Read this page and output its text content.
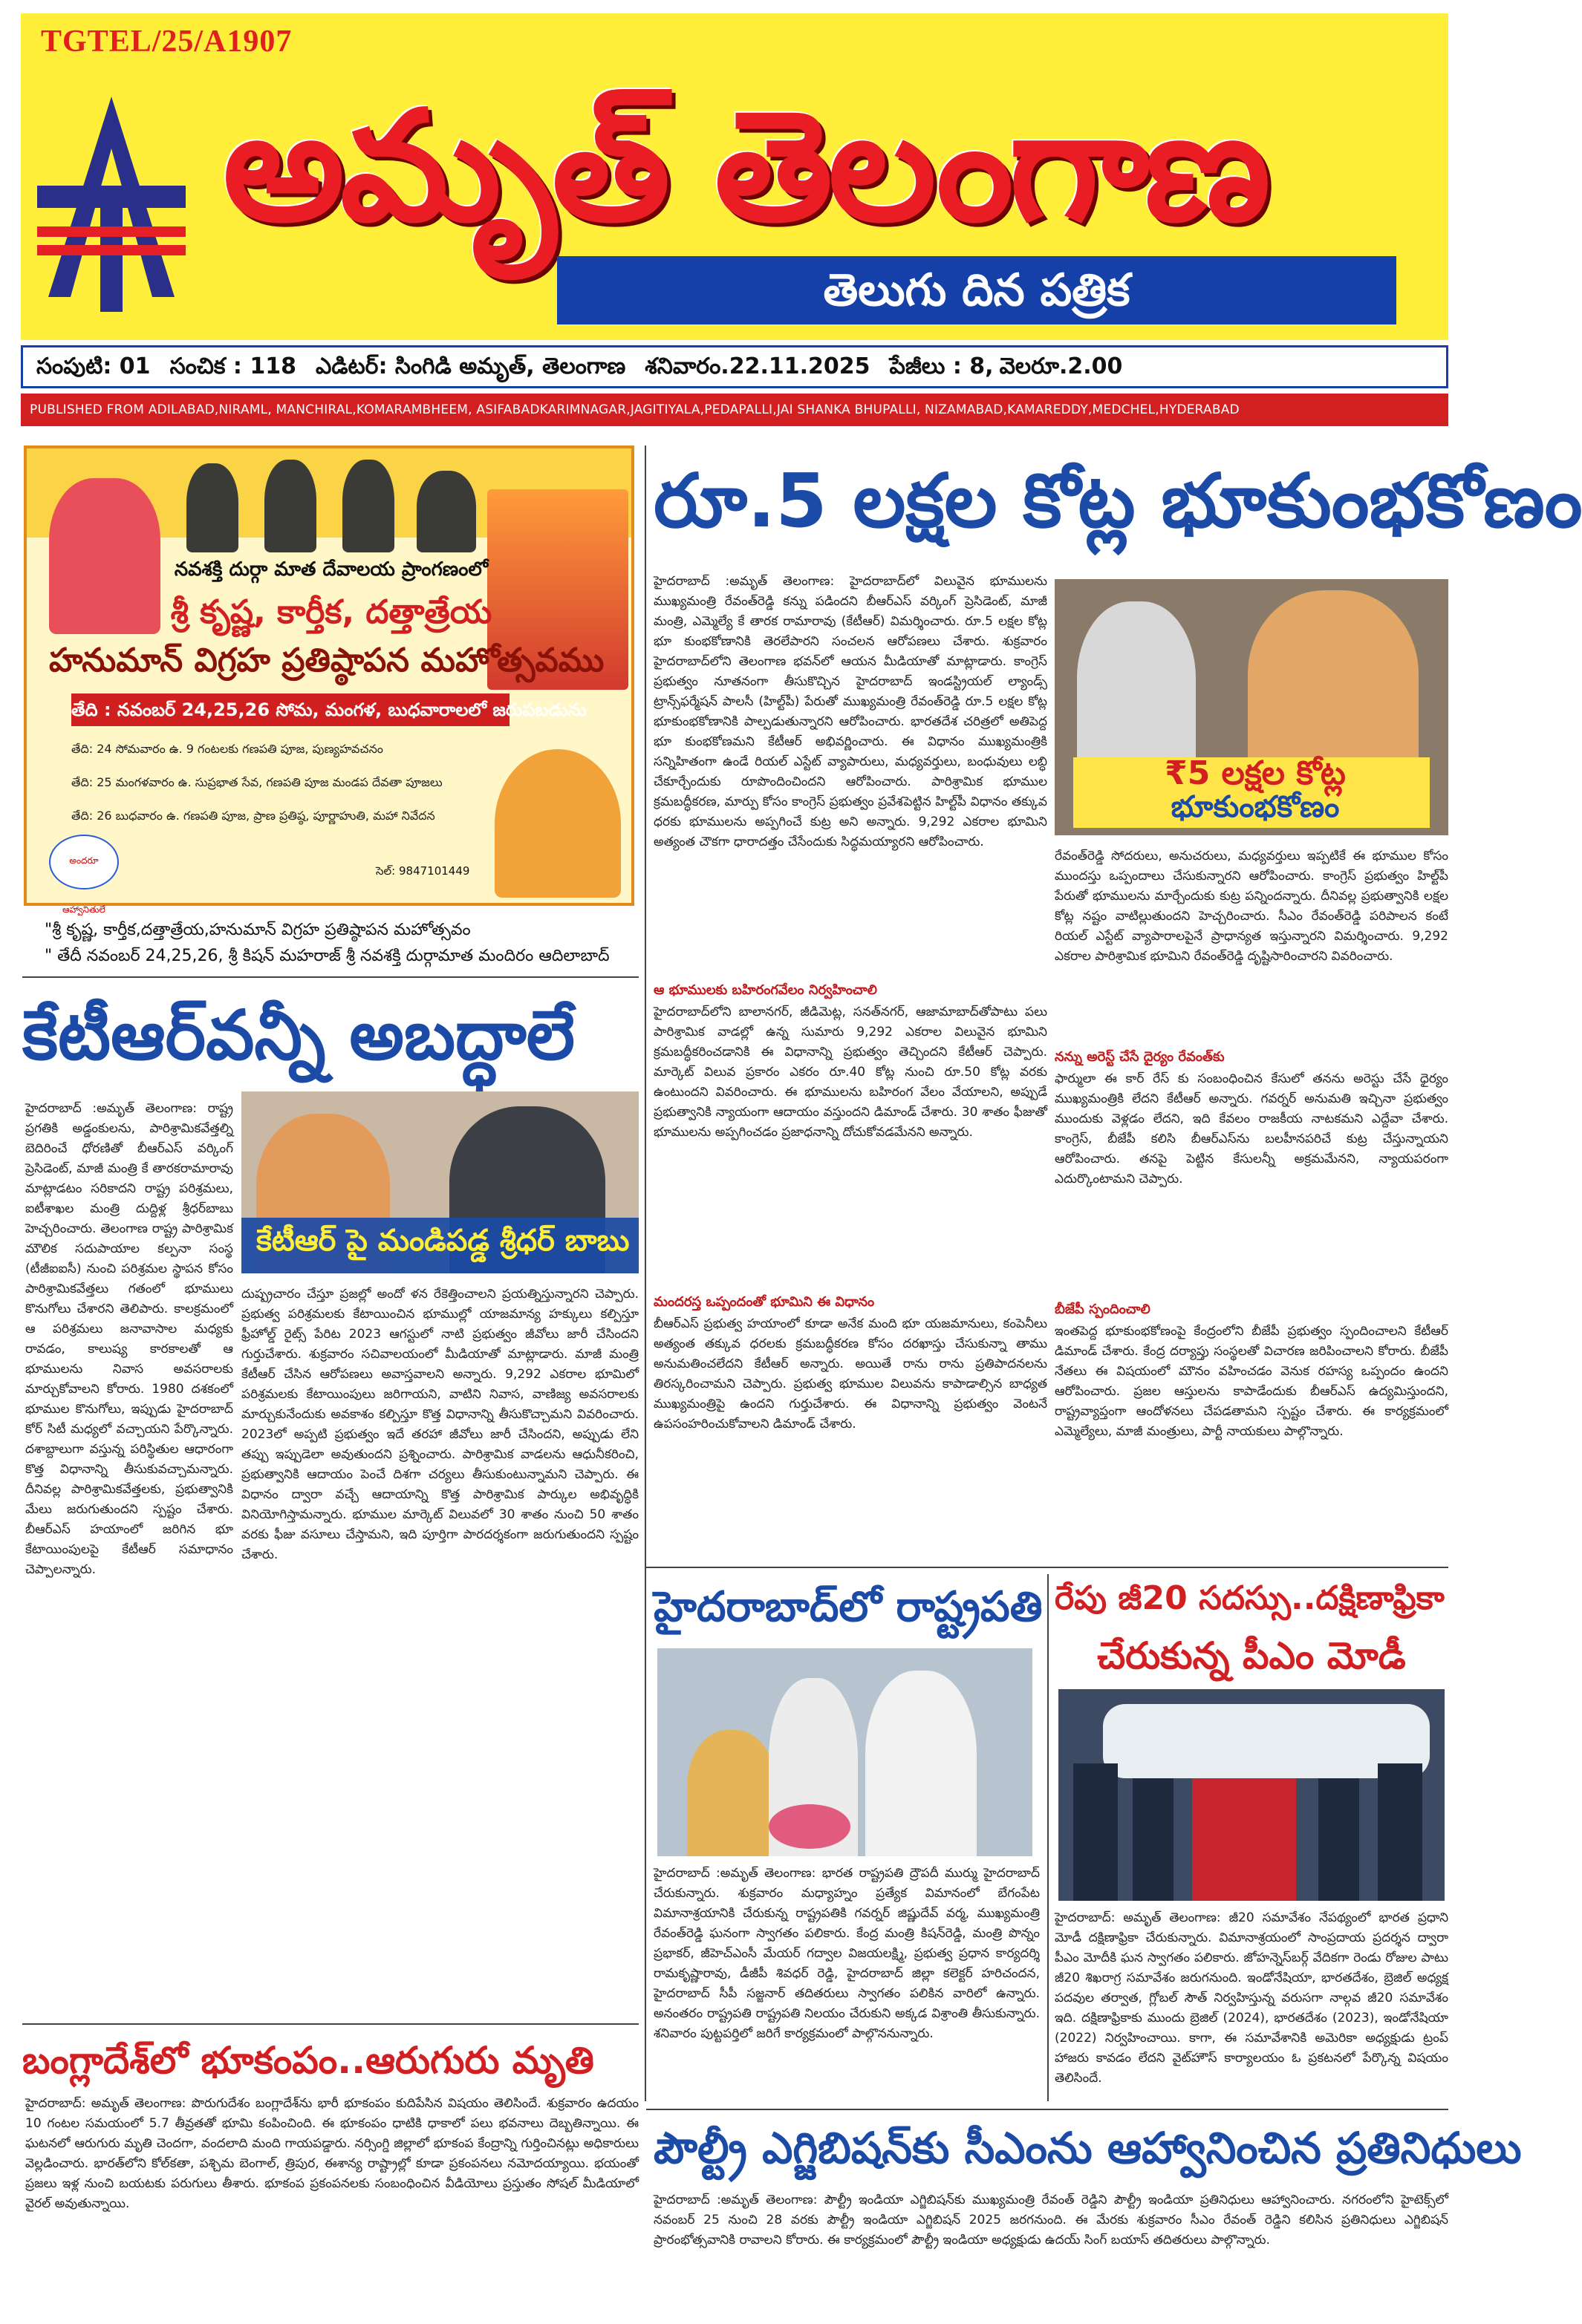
TGTEL/25/A1907
అమృత్ తెలంగాణ
తెలుగు దిన పత్రిక
సంపుటి: 01 సంచిక : 118 ఎడిటర్: సింగిడి అమృత్, తెలంగాణ శనివారం.22.11.2025 పేజీలు : 8, వెలరూ.2.00
PUBLISHED FROM ADILABAD,NIRAML, MANCHIRAL,KOMARAMBHEEM, ASIFABADKARIMNAGAR,JAGITIYALA,PEDAPALLI,JAI SHANKA BHUPALLI, NIZAMABAD,KAMAREDDY,MEDCHEL,HYDERABAD
నవశక్తి దుర్గా మాత దేవాలయ ప్రాంగణంలో
శ్రీ కృష్ణ, కార్తీక, దత్తాత్రేయ
హనుమాన్ విగ్రహ ప్రతిష్ఠాపన మహోత్సవము
తేది : నవంబర్ 24,25,26 సోమ, మంగళ, బుధవారాలలో జరుపబడును
తేది: 24 సోమవారం ఉ. 9 గంటలకు గణపతి పూజ, పుణ్యహవచనం
తేది: 25 మంగళవారం ఉ. సుప్రభాత సేవ, గణపతి పూజ మండప దేవతా పూజలు
తేది: 26 బుధవారం ఉ. గణపతి పూజ, ప్రాణ ప్రతిష్ఠ, పూర్ణాహుతి, మహా నివేదన
అందరూ ఆహ్వానితులే
సెల్: 9847101449
"శ్రీ కృష్ణ, కార్తీక,దత్తాత్రేయ,హనుమాన్ విగ్రహ ప్రతిష్ఠాపన మహోత్సవం
" తేదీ నవంబర్ 24,25,26, శ్రీ కిషన్ మహరాజ్ శ్రీ నవశక్తి దుర్గామాత మందిరం ఆదిలాబాద్
కేటీఆర్‌వన్నీ అబద్ధాలే
హైదరాబాద్ :అమృత్ తెలంగాణ: రాష్ట్ర ప్రగతికి అడ్డంకులను, పారిశ్రామికవేత్తల్ని బెదిరించే ధోరణితో బీఆర్ఎస్ వర్కింగ్ ప్రెసిడెంట్, మాజీ మంత్రి కే తారకరామారావు మాట్లాడటం సరికాదని రాష్ట్ర పరిశ్రమలు, ఐటీశాఖల మంత్రి దుద్దిళ్ల శ్రీధర్‌బాబు హెచ్చరించారు. తెలంగాణ రాష్ట్ర పారిశ్రామిక మౌలిక సదుపాయాల కల్పనా సంస్థ (టీజీఐఐసీ) నుంచి పరిశ్రమల స్థాపన కోసం పారిశ్రామికవేత్తలు గతంలో భూములు కొనుగోలు చేశారని తెలిపారు. కాలక్రమంలో ఆ పరిశ్రమలు జనావాసాల మధ్యకు రావడం, కాలుష్య కారకాలతో ఆ భూములను నివాస అవసరాలకు మార్చుకోవాలని కోరారు. 1980 దశకంలో భూముల కొనుగోలు, ఇప్పుడు హైదరాబాద్ కోర్ సిటీ మధ్యలో వచ్చాయని పేర్కొన్నారు. దశాబ్దాలుగా వస్తున్న పరిస్థితుల ఆధారంగా కొత్త విధానాన్ని తీసుకువచ్చామన్నారు. దీనివల్ల పారిశ్రామికవేత్తలకు, ప్రభుత్వానికి మేలు జరుగుతుందని స్పష్టం చేశారు. బీఆర్ఎస్ హయాంలో జరిగిన భూ కేటాయింపులపై కేటీఆర్ సమాధానం చెప్పాలన్నారు.
కేటీఆర్ పై మండిపడ్డ శ్రీధర్ బాబు
దుష్ప్రచారం చేస్తూ ప్రజల్లో అందో ళన రేకెత్తించాలని ప్రయత్నిస్తున్నారని చెప్పారు. ప్రభుత్వ పరిశ్రమలకు కేటాయించిన భూముల్లో యాజమాన్య హక్కులు కల్పిస్తూ ఫ్రీహోల్డ్ రైట్స్ పేరిట 2023 ఆగస్టులో నాటి ప్రభుత్వం జీవోలు జారీ చేసిందని గుర్తుచేశారు. శుక్రవారం సచివాలయంలో మీడియాతో మాట్లాడారు. మాజీ మంత్రి కేటీఆర్ చేసిన ఆరోపణలు అవాస్తవాలని అన్నారు. 9,292 ఎకరాల భూమిలో పరిశ్రమలకు కేటాయింపులు జరిగాయని, వాటిని నివాస, వాణిజ్య అవసరాలకు మార్చుకునేందుకు అవకాశం కల్పిస్తూ కొత్త విధానాన్ని తీసుకొచ్చామని వివరించారు. 2023లో అప్పటి ప్రభుత్వం ఇదే తరహా జీవోలు జారీ చేసిందని, అప్పుడు లేని తప్పు ఇప్పుడెలా అవుతుందని ప్రశ్నించారు. పారిశ్రామిక వాడలను ఆధునీకరించి, ప్రభుత్వానికి ఆదాయం పెంచే దిశగా చర్యలు తీసుకుంటున్నామని చెప్పారు. ఈ విధానం ద్వారా వచ్చే ఆదాయాన్ని కొత్త పారిశ్రామిక పార్కుల అభివృద్ధికి వినియోగిస్తామన్నారు. భూముల మార్కెట్ విలువలో 30 శాతం నుంచి 50 శాతం వరకు ఫీజు వసూలు చేస్తామని, ఇది పూర్తిగా పారదర్శకంగా జరుగుతుందని స్పష్టం చేశారు.
బంగ్లాదేశ్‌లో భూకంపం..ఆరుగురు మృతి
హైదరాబాద్: అమృత్ తెలంగాణ: పొరుగుదేశం బంగ్లాదేశ్‌ను భారీ భూకంపం కుదిపేసిన విషయం తెలిసిందే. శుక్రవారం ఉదయం 10 గంటల సమయంలో 5.7 తీవ్రతతో భూమి కంపించింది. ఈ భూకంపం ధాటికి ధాకాలో పలు భవనాలు దెబ్బతిన్నాయి. ఈ ఘటనలో ఆరుగురు మృతి చెందగా, వందలాది మంది గాయపడ్డారు. నర్సింగ్డి జిల్లాలో భూకంప కేంద్రాన్ని గుర్తించినట్లు అధికారులు వెల్లడించారు. భారత్‌లోని కోల్‌కతా, పశ్చిమ బెంగాల్, త్రిపుర, ఈశాన్య రాష్ట్రాల్లో కూడా ప్రకంపనలు నమోదయ్యాయి. భయంతో ప్రజలు ఇళ్ల నుంచి బయటకు పరుగులు తీశారు. భూకంప ప్రకంపనలకు సంబంధించిన వీడియోలు ప్రస్తుతం సోషల్ మీడియాలో వైరల్ అవుతున్నాయి.
రూ.5 లక్షల కోట్ల భూకుంభకోణం
హైదరాబాద్ :అమృత్ తెలంగాణ: హైదరాబాద్‌లో విలువైన భూములను ముఖ్యమంత్రి రేవంత్‌రెడ్డి కన్ను పడిందని బీఆర్ఎస్ వర్కింగ్ ప్రెసిడెంట్, మాజీ మంత్రి, ఎమ్మెల్యే కే తారక రామారావు (కేటీఆర్) విమర్శించారు. రూ.5 లక్షల కోట్ల భూ కుంభకోణానికి తెరలేపారని సంచలన ఆరోపణలు చేశారు. శుక్రవారం హైదరాబాద్‌లోని తెలంగాణ భవన్‌లో ఆయన మీడియాతో మాట్లాడారు. కాంగ్రెస్ ప్రభుత్వం నూతనంగా తీసుకొచ్చిన హైదరాబాద్ ఇండస్ట్రియల్ ల్యాండ్స్ ట్రాన్స్‌ఫర్మేషన్ పాలసీ (హిల్ట్‌పీ) పేరుతో ముఖ్యమంత్రి రేవంత్‌రెడ్డి రూ.5 లక్షల కోట్ల భూకుంభకోణానికి పాల్పడుతున్నారని ఆరోపించారు. భారతదేశ చరిత్రలో అతిపెద్ద భూ కుంభకోణమని కేటీఆర్ అభివర్ణించారు. ఈ విధానం ముఖ్యమంత్రికి సన్నిహితంగా ఉండే రియల్ ఎస్టేట్ వ్యాపారులు, మధ్యవర్తులు, బంధువులు లబ్ధి చేకూర్చేందుకు రూపొందించిందని ఆరోపించారు. పారిశ్రామిక భూముల క్రమబద్ధీకరణ, మార్పు కోసం కాంగ్రెస్ ప్రభుత్వం ప్రవేశపెట్టిన హిల్ట్‌పీ విధానం తక్కువ ధరకు భూములను అప్పగించే కుట్ర అని అన్నారు. 9,292 ఎకరాల భూమిని అత్యంత చౌకగా ధారాదత్తం చేసేందుకు సిద్ధమయ్యారని ఆరోపించారు.
₹5 లక్షల కోట్ల
భూకుంభకోణం
రేవంత్‌రెడ్డి సోదరులు, అనుచరులు, మధ్యవర్తులు ఇప్పటికే ఈ భూముల కోసం ముందస్తు ఒప్పందాలు చేసుకున్నారని ఆరోపించారు. కాంగ్రెస్ ప్రభుత్వం హిల్ట్‌పీ పేరుతో భూములను మార్చేందుకు కుట్ర పన్నిందన్నారు. దీనివల్ల ప్రభుత్వానికి లక్షల కోట్ల నష్టం వాటిల్లుతుందని హెచ్చరించారు. సీఎం రేవంత్‌రెడ్డి పరిపాలన కంటే రియల్ ఎస్టేట్ వ్యాపారాలపైనే ప్రాధాన్యత ఇస్తున్నారని విమర్శించారు. 9,292 ఎకరాల పారిశ్రామిక భూమిని రేవంత్‌రెడ్డి దృష్టిసారించారని వివరించారు.
ఆ భూములకు బహిరంగవేలం నిర్వహించాలి
హైదరాబాద్‌లోని బాలానగర్, జీడిమెట్ల, సనత్‌నగర్, ఆజామాబాద్‌తోపాటు పలు పారిశ్రామిక వాడల్లో ఉన్న సుమారు 9,292 ఎకరాల విలువైన భూమిని క్రమబద్ధీకరించడానికి ఈ విధానాన్ని ప్రభుత్వం తెచ్చిందని కేటీఆర్ చెప్పారు. మార్కెట్ విలువ ప్రకారం ఎకరం రూ.40 కోట్ల నుంచి రూ.50 కోట్ల వరకు ఉంటుందని వివరించారు. ఈ భూములను బహిరంగ వేలం వేయాలని, అప్పుడే ప్రభుత్వానికి న్యాయంగా ఆదాయం వస్తుందని డిమాండ్ చేశారు. 30 శాతం ఫీజుతో భూములను అప్పగించడం ప్రజాధనాన్ని దోచుకోవడమేనని అన్నారు.
మందరస్త ఒప్పందంతో భూమిని ఈ విధానం
బీఆర్ఎస్ ప్రభుత్వ హయాంలో కూడా అనేక మంది భూ యజమానులు, కంపెనీలు అత్యంత తక్కువ ధరలకు క్రమబద్ధీకరణ కోసం దరఖాస్తు చేసుకున్నా తాము అనుమతించలేదని కేటీఆర్ అన్నారు. అయితే రాను రాను ప్రతిపాదనలను తిరస్కరించామని చెప్పారు. ప్రభుత్వ భూముల విలువను కాపాడాల్సిన బాధ్యత ముఖ్యమంత్రిపై ఉందని గుర్తుచేశారు. ఈ విధానాన్ని ప్రభుత్వం వెంటనే ఉపసంహరించుకోవాలని డిమాండ్ చేశారు.
నన్ను అరెస్ట్ చేసే దైర్యం రేవంత్‌కు
ఫార్ములా ఈ కార్ రేస్ కు సంబంధించిన కేసులో తనను అరెస్టు చేసే ధైర్యం ముఖ్యమంత్రికి లేదని కేటీఆర్ అన్నారు. గవర్నర్ అనుమతి ఇచ్చినా ప్రభుత్వం ముందుకు వెళ్లడం లేదని, ఇది కేవలం రాజకీయ నాటకమని ఎద్దేవా చేశారు. కాంగ్రెస్, బీజేపీ కలిసి బీఆర్ఎస్‌ను బలహీనపరిచే కుట్ర చేస్తున్నాయని ఆరోపించారు. తనపై పెట్టిన కేసులన్నీ అక్రమమేనని, న్యాయపరంగా ఎదుర్కొంటామని చెప్పారు.
బీజేపీ స్పందించాలి
ఇంతపెద్ద భూకుంభకోణంపై కేంద్రంలోని బీజేపీ ప్రభుత్వం స్పందించాలని కేటీఆర్ డిమాండ్ చేశారు. కేంద్ర దర్యాప్తు సంస్థలతో విచారణ జరిపించాలని కోరారు. బీజేపీ నేతలు ఈ విషయంలో మౌనం వహించడం వెనుక రహస్య ఒప్పందం ఉందని ఆరోపించారు. ప్రజల ఆస్తులను కాపాడేందుకు బీఆర్ఎస్ ఉద్యమిస్తుందని, రాష్ట్రవ్యాప్తంగా ఆందోళనలు చేపడతామని స్పష్టం చేశారు. ఈ కార్యక్రమంలో ఎమ్మెల్యేలు, మాజీ మంత్రులు, పార్టీ నాయకులు పాల్గొన్నారు.
హైదరాబాద్‌లో రాష్ట్రపతి
హైదరాబాద్ :అమృత్ తెలంగాణ: భారత రాష్ట్రపతి ద్రౌపదీ ముర్ము హైదరాబాద్ చేరుకున్నారు. శుక్రవారం మధ్యాహ్నం ప్రత్యేక విమానంలో బేగంపేట విమానాశ్రయానికి చేరుకున్న రాష్ట్రపతికి గవర్నర్ జిష్ణుదేవ్ వర్మ, ముఖ్యమంత్రి రేవంత్‌రెడ్డి ఘనంగా స్వాగతం పలికారు. కేంద్ర మంత్రి కిషన్‌రెడ్డి, మంత్రి పొన్నం ప్రభాకర్, జీహెచ్ఎంసీ మేయర్ గద్వాల విజయలక్ష్మి, ప్రభుత్వ ప్రధాన కార్యదర్శి రామకృష్ణారావు, డీజీపీ శివధర్ రెడ్డి, హైదరాబాద్ జిల్లా కలెక్టర్ హరిచందన, హైదరాబాద్ సీపీ సజ్జనార్ తదితరులు స్వాగతం పలికిన వారిలో ఉన్నారు. అనంతరం రాష్ట్రపతి రాష్ట్రపతి నిలయం చేరుకుని అక్కడ విశ్రాంతి తీసుకున్నారు. శనివారం పుట్టపర్తిలో జరిగే కార్యక్రమంలో పాల్గొననున్నారు.
రేపు జీ20 సదస్సు..దక్షిణాఫ్రికా
చేరుకున్న పీఎం మోడీ
హైదరాబాద్: అమృత్ తెలంగాణ: జీ20 సమావేశం నేపథ్యంలో భారత ప్రధాని మోడీ దక్షిణాఫ్రికా చేరుకున్నారు. విమానాశ్రయంలో సాంప్రదాయ ప్రదర్శన ద్వారా పీఎం మోదీకి ఘన స్వాగతం పలికారు. జోహన్నెస్‌బర్గ్ వేదికగా రెండు రోజుల పాటు జీ20 శిఖరాగ్ర సమావేశం జరుగనుంది. ఇండోనేషియా, భారతదేశం, బ్రెజిల్ అధ్యక్ష పదవుల తర్వాత, గ్లోబల్ సౌత్ నిర్వహిస్తున్న వరుసగా నాల్గవ జీ20 సమావేశం ఇది. దక్షిణాఫ్రికాకు ముందు బ్రెజిల్ (2024), భారతదేశం (2023), ఇండోనేషియా (2022) నిర్వహించాయి. కాగా, ఈ సమావేశానికి అమెరికా అధ్యక్షుడు ట్రంప్ హాజరు కావడం లేదని వైట్‌హౌస్ కార్యాలయం ఓ ప్రకటనలో పేర్కొన్న విషయం తెలిసిందే.
పౌల్ట్రీ ఎగ్జిబిషన్‌కు సీఎంను ఆహ్వానించిన ప్రతినిధులు
హైదరాబాద్ :అమృత్ తెలంగాణ: పౌల్ట్రీ ఇండియా ఎగ్జిబిషన్‌కు ముఖ్యమంత్రి రేవంత్ రెడ్డిని పౌల్ట్రీ ఇండియా ప్రతినిధులు ఆహ్వానించారు. నగరంలోని హైటెక్స్‌లో నవంబర్ 25 నుంచి 28 వరకు పౌల్ట్రీ ఇండియా ఎగ్జిబిషన్ 2025 జరగనుంది. ఈ మేరకు శుక్రవారం సీఎం రేవంత్ రెడ్డిని కలిసిన ప్రతినిధులు ఎగ్జిబిషన్ ప్రారంభోత్సవానికి రావాలని కోరారు. ఈ కార్యక్రమంలో పౌల్ట్రీ ఇండియా అధ్యక్షుడు ఉదయ్ సింగ్ బయాస్ తదితరులు పాల్గొన్నారు.
